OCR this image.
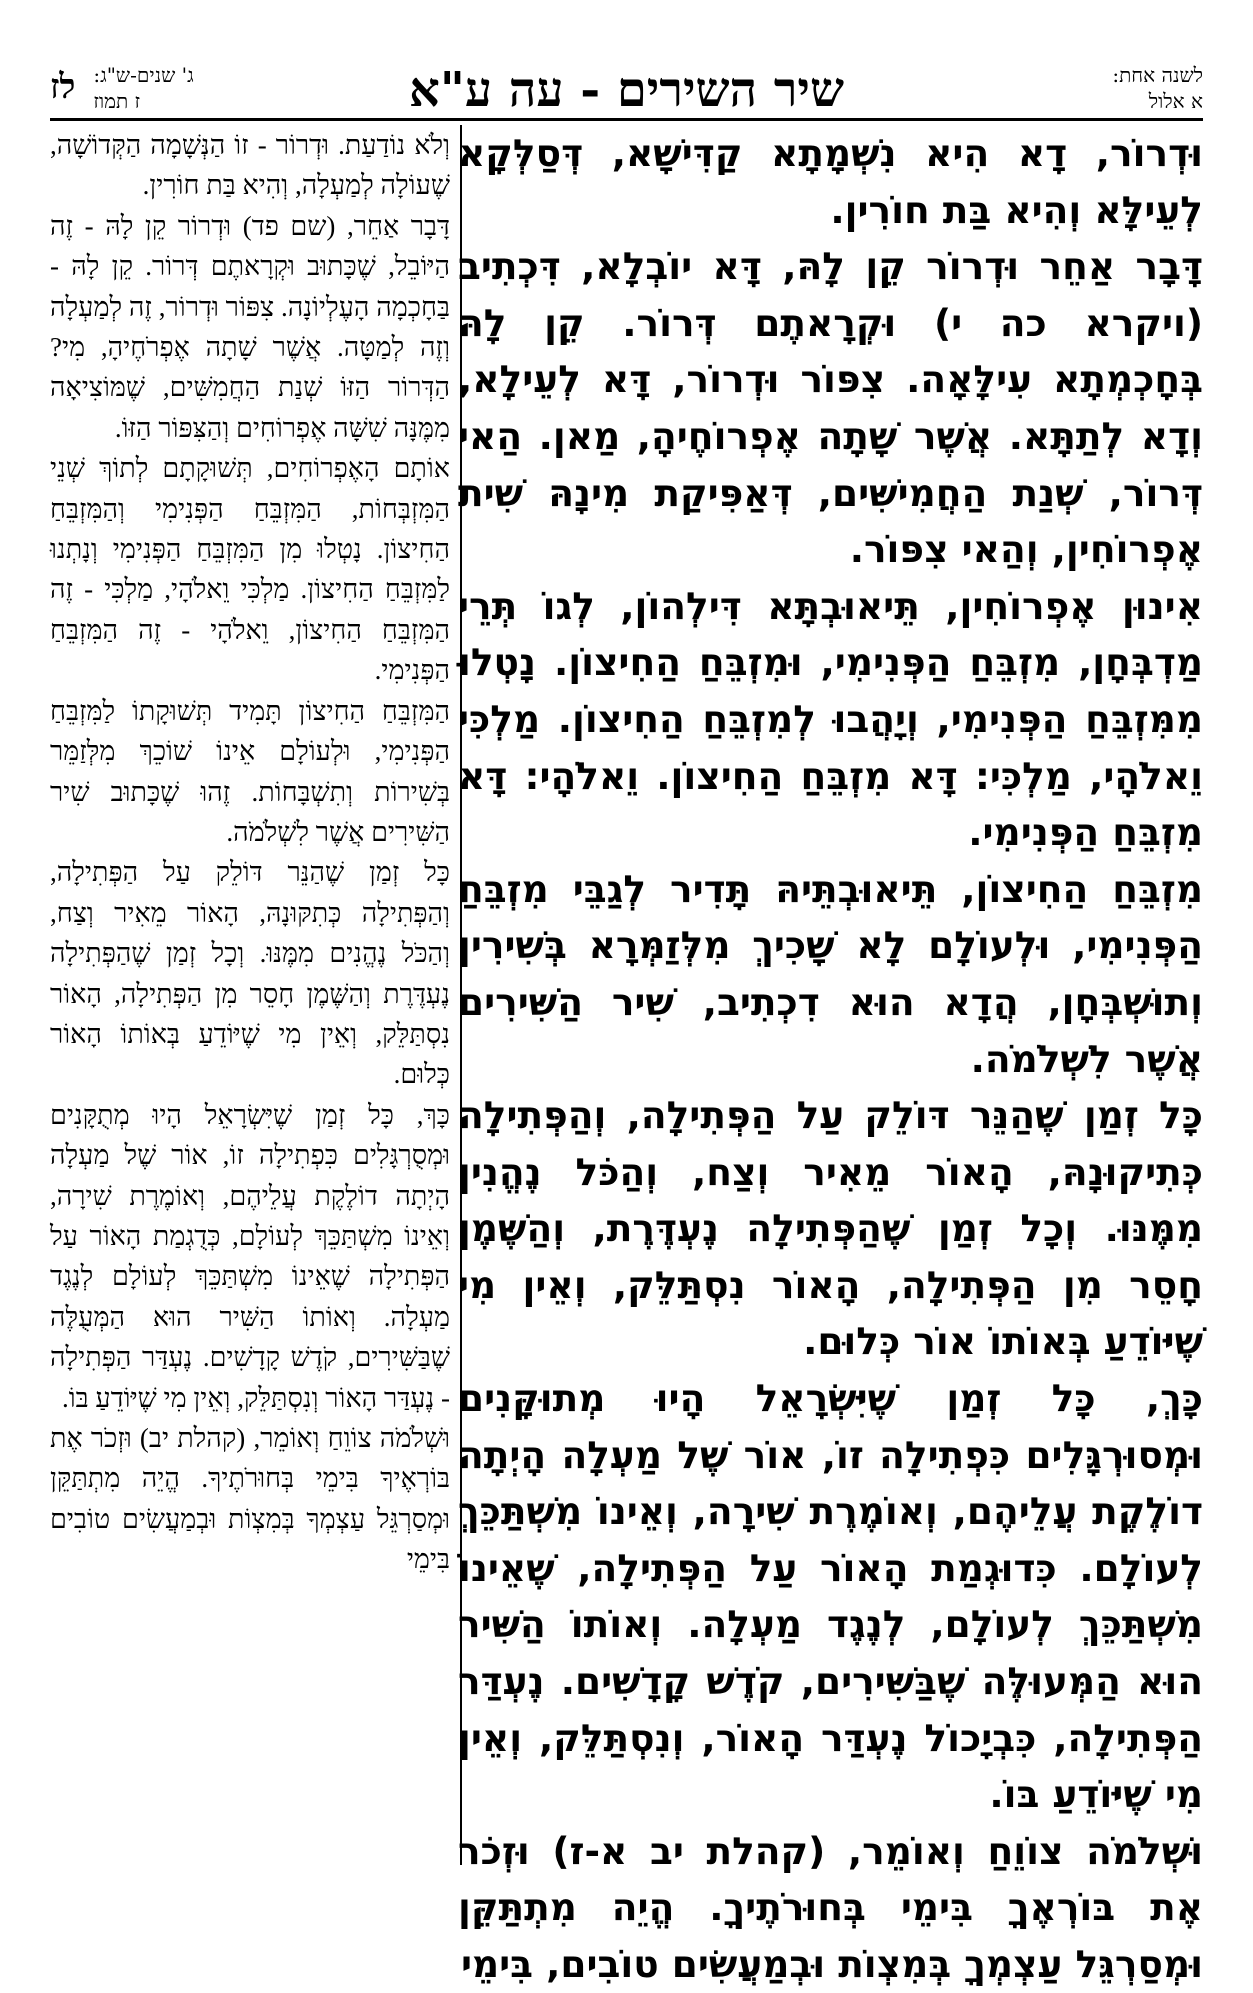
לשנה אחת:
א אלול
שיר השירים - עה ע"א
ג' שנים-ש"ג:
ז תמוז
לז

וּדְרוֹר, דָא הִיא נִשְׁמָתָא קַדִּישָׁא, דְּסַלְּקָא לְעֵילָּא וְהִיא בַּת חוֹרִין.

דָּבָר אַחֵר וּדְרוֹר קֵן לָהּ, דָּא יוֹבְלָא, דִּכְתִיב (ויקרא כה י) וּקְרָאתֶם דְּרוֹר. קֵן לָהּ בְּחָכְמְתָא עִילָּאָה. צִפּוֹר וּדְרוֹר, דָּא לְעֵילָא, וְדָא לְתַתָּא. אֲשֶׁר שָׁתָה אֶפְרוֹחֶיהָ, מַאן. הַאי דְּרוֹר, שְׁנַת הַחֲמִישִּׁים, דְּאַפִּיקַת מִינָהּ שִׁית אֶפְרוֹחִין, וְהַאי צִפּוֹר.

אִינוּן אֶפְרוֹחִין, תֵּיאוּבְתָּא דִּילְהוֹן, לְגוֹ תְּרֵי מַדְבְּחָן, מִזְבֵּחַ הַפְּנִימִי, וּמִזְבֵּחַ הַחִיצוֹן. נָטְלוּ מִמִּזְבֵּחַ הַפְּנִימִי, וְיָהֲבוּ לְמִזְבֵּחַ הַחִיצוֹן. מַלְכִּי וֵאלֹהָי, מַלְכִּי: דָּא מִזְבֵּחַ הַחִיצוֹן. וֵאלֹהָי: דָּא מִזְבֵּחַ הַפְּנִימִי.

מִזְבֵּחַ הַחִיצוֹן, תֵּיאוּבְתֵּיהּ תָּדִיר לְגַבֵּי מִזְבֵּחַ הַפְּנִימִי, וּלְעוֹלָם לָא שָׁכִיךְ מִלְּזַמְּרָא בְּשִׁירִין וְתוּשְׁבְּחָן, הֲדָא הוּא דִכְתִיב, שִׁיר הַשִּׁירִים אֲשֶׁר לִשְׁלֹמֹה.

כָּל זְמַן שֶׁהַנֵּר דּוֹלֵק עַל הַפְּתִילָה, וְהַפְּתִילָה כְּתִיקוּנָהּ, הָאוֹר מֵאִיר וְצַח, וְהַכֹּל נֶהֱנִין מִמֶּנּוּ. וְכָל זְמַן שֶׁהַפְּתִילָה נֶעְדֶּרֶת, וְהַשֶּׁמֶן חָסֵר מִן הַפְּתִילָה, הָאוֹר נִסְתַּלֵּק, וְאֵין מִי שֶׁיּוֹדֵעַ בְּאוֹתוֹ אוֹר כְּלוּם.

כָּךְ, כָּל זְמַן שֶׁיִּשְׂרָאֵל הָיוּ מְתוּקָּנִים וּמְסוּרְגָּלִים כִּפְתִילָה זוֹ, אוֹר שֶׁל מַעְלָה הָיְתָה דוֹלֶקֶת עֲלֵיהֶם, וְאוֹמֶרֶת שִׁירָה, וְאֵינוֹ מִשְׁתַּכֵּךְ לְעוֹלָם. כִּדוּגְמַת הָאוֹר עַל הַפְּתִילָה, שֶׁאֵינוֹ מִשְׁתַּכֵּךְ לְעוֹלָם, לְנֶגֶד מַעְלָה. וְאוֹתוֹ הַשִּׁיר הוּא הַמְּעוּלֶּה שֶׁבַּשִּׁירִים, קֹדֶשׁ קָדָשִׁים. נֶעְדַּר הַפְּתִילָה, כִּבְיָכוֹל נֶעְדַּר הָאוֹר, וְנִסְתַּלֵּק, וְאֵין מִי שֶׁיּוֹדֵעַ בּוֹ.

וּשְׁלֹמֹה צוֹוֵחַ וְאוֹמֵר, (קהלת יב א-ז) וּזְכֹר אֶת בּוֹרְאֶךָ בִּימֵי בְּחוּרֹתֶיךָ. הֱיֵה מִתְתַּקֵּן וּמְסַרְגֵּל עַצְמְךָ בְּמִצְוֹת וּבְמַעֲשִׂים טוֹבִים, בִּימֵי

וְלֹא נוֹדַעַת. וּדְרוֹר - זוֹ הַנְּשָׁמָה הַקְּדוֹשָׁה, שֶׁעוֹלָה לְמַעְלָה, וְהִיא בַּת חוֹרִין.

דָּבָר אַחֵר, (שם פד) וּדְרוֹר קֵן לָהּ - זֶה הַיּוֹבֵל, שֶׁכָּתוּב וּקְרָאתֶם דְּרוֹר. קֵן לָהּ - בַּחָכְמָה הָעֶלְיוֹנָה. צִפּוֹר וּדְרוֹר, זֶה לְמַעְלָה וְזֶה לְמַטָּה. אֲשֶׁר שָׁתָה אֶפְרֹחֶיהָ, מִי? הַדְּרוֹר הַזּוֹ שְׁנַת הַחֲמִשִּׁים, שֶׁמּוֹצִיאָה מִמֶּנָּה שִׁשָּׁה אֶפְרוֹחִים וְהַצִּפּוֹר הַזּוֹ.

אוֹתָם הָאֶפְרוֹחִים, תְּשׁוּקָתָם לְתוֹךְ שְׁנֵי הַמִּזְבְּחוֹת, הַמִּזְבֵּחַ הַפְּנִימִי וְהַמִּזְבֵּחַ הַחִיצוֹן. נָטְלוּ מִן הַמִּזְבֵּחַ הַפְּנִימִי וְנָתְנוּ לַמִּזְבֵּחַ הַחִיצוֹן. מַלְכִּי וֵאלֹהָי, מַלְכִּי - זֶה הַמִּזְבֵּחַ הַחִיצוֹן, וֵאלֹהָי - זֶה הַמִּזְבֵּחַ הַפְּנִימִי.

הַמִּזְבֵּחַ הַחִיצוֹן תָּמִיד תְּשׁוּקָתוֹ לַמִּזְבֵּחַ הַפְּנִימִי, וּלְעוֹלָם אֵינוֹ שׁוֹכֵךְ מִלְּזַמֵּר בְּשִׁירוֹת וְתִשְׁבָּחוֹת. זֶהוּ שֶׁכָּתוּב שִׁיר הַשִּׁירִים אֲשֶׁר לִשְׁלֹמֹה.

כָּל זְמַן שֶׁהַנֵּר דּוֹלֵק עַל הַפְּתִילָה, וְהַפְּתִילָה כְּתִקּוּנָהּ, הָאוֹר מֵאִיר וְצַח, וְהַכֹּל נֶהֱנִים מִמֶּנּוּ. וְכָל זְמַן שֶׁהַפְּתִילָה נֶעְדֶּרֶת וְהַשֶּׁמֶן חָסֵר מִן הַפְּתִילָה, הָאוֹר נִסְתַּלֵּק, וְאֵין מִי שֶׁיּוֹדֵעַ בְּאוֹתוֹ הָאוֹר כְּלוּם.

כָּךְ, כָּל זְמַן שֶׁיִּשְׂרָאֵל הָיוּ מְתֻקָּנִים וּמְסֻרְגָּלִים כִּפְתִילָה זוֹ, אוֹר שֶׁל מַעְלָה הָיְתָה דוֹלֶקֶת עֲלֵיהֶם, וְאוֹמֶרֶת שִׁירָה, וְאֵינוֹ מִשְׁתַּכֵּךְ לְעוֹלָם, כְּדֻגְמַת הָאוֹר עַל הַפְּתִילָה שֶׁאֵינוֹ מִשְׁתַּכֵּךְ לְעוֹלָם לְנֶגֶד מַעְלָה. וְאוֹתוֹ הַשִּׁיר הוּא הַמְּעֻלֶּה שֶׁבַּשִּׁירִים, קֹדֶשׁ קָדָשִׁים. נֶעְדַּר הַפְּתִילָה - נֶעְדַּר הָאוֹר וְנִסְתַּלֵּק, וְאֵין מִי שֶׁיּוֹדֵעַ בּוֹ.

וּשְׁלֹמֹה צוֹוֵחַ וְאוֹמֵר, (קהלת יב) וּזְכֹר אֶת בּוֹרְאֶיךָ בִּימֵי בְּחוּרֹתֶיךָ. הֱיֵה מִתְתַּקֵּן וּמְסַרְגֵּל עַצְמְךָ בְּמִצְוֹת וּבְמַעֲשִׂים טוֹבִים בִּימֵי
